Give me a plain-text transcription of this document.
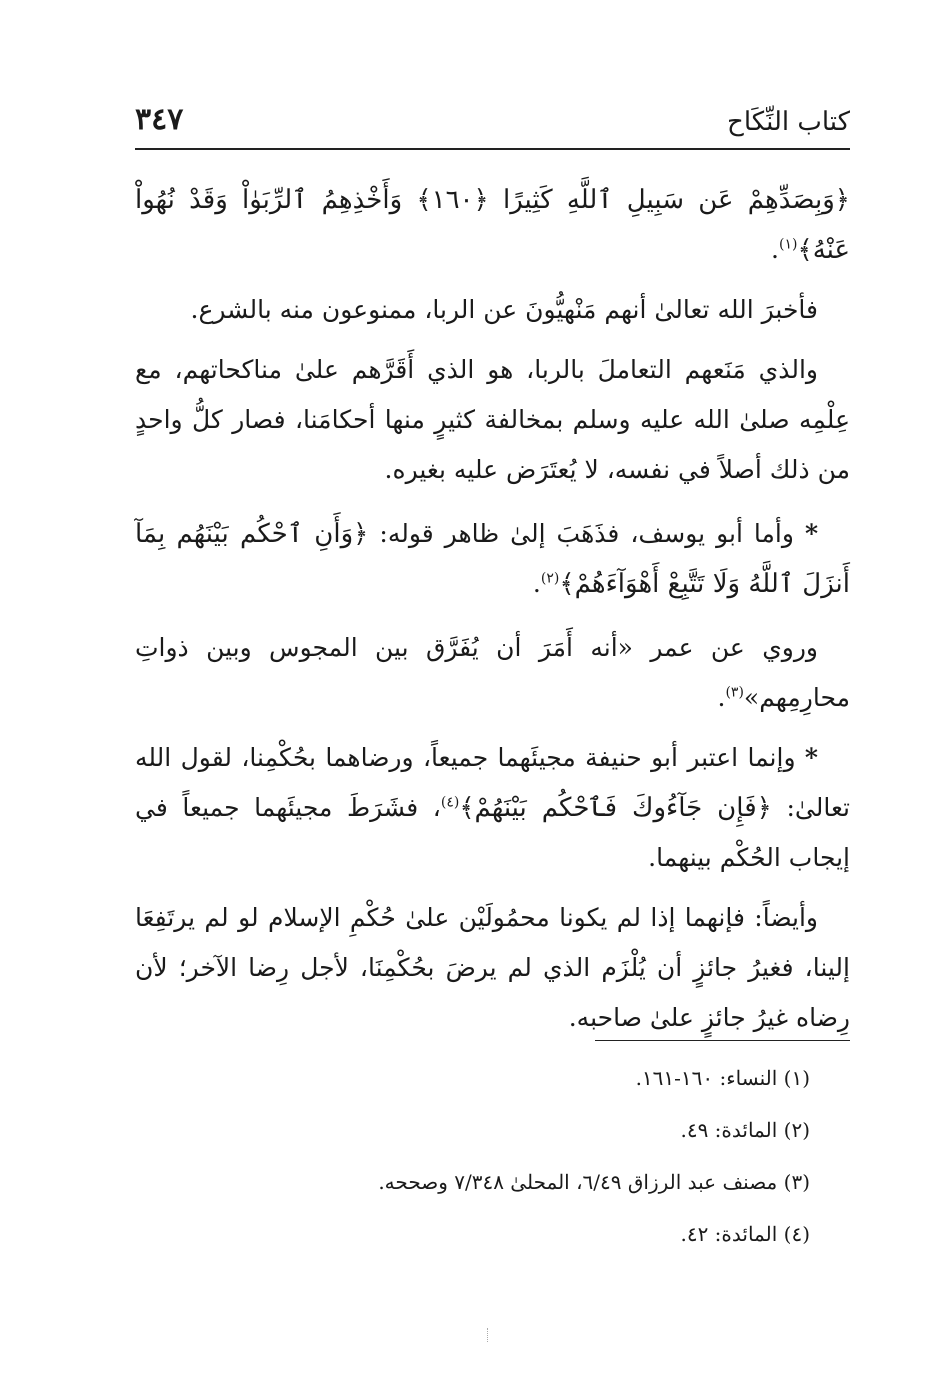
كتاب النِّكَاح
٣٤٧

﴿وَبِصَدِّهِمْ عَن سَبِيلِ ٱللَّهِ كَثِيرًا ﴿١٦٠﴾ وَأَخْذِهِمُ ٱلرِّبَوٰاْ وَقَدْ نُهُواْ عَنْهُ﴾$^{(١)}$.

فأخبرَ الله تعالىٰ أنهم مَنْهيُّونَ عن الربا، ممنوعون منه بالشرع.

والذي مَنَعهم التعاملَ بالربا، هو الذي أَقَرَّهم علىٰ مناكحاتهم، مع عِلْمِه صلىٰ الله عليه وسلم بمخالفة كثيرٍ منها أحكامَنا، فصار كلُّ واحدٍ من ذلك أصلاً في نفسه، لا يُعتَرَض عليه بغيره.

* وأما أبو يوسف، فذَهَبَ إلىٰ ظاهر قوله: ﴿وَأَنِ ٱحْكُم بَيْنَهُم بِمَآ أَنزَلَ ٱللَّهُ وَلَا تَتَّبِعْ أَهْوَآءَهُمْ﴾$^{(٢)}$.

وروي عن عمر «أنه أَمَرَ أن يُفَرَّق بين المجوس وبين ذواتِ محارِمِهم»$^{(٣)}$.

* وإنما اعتبر أبو حنيفة مجيئَهما جميعاً، ورضاهما بحُكْمِنا، لقول الله تعالىٰ: ﴿فَإِن جَآءُوكَ فَٱحْكُم بَيْنَهُمْ﴾$^{(٤)}$، فشَرَطَ مجيئَهما جميعاً في إيجاب الحُكْم بينهما.

وأيضاً: فإنهما إذا لم يكونا محمُولَيْن علىٰ حُكْمِ الإسلام لو لم يرتَفِعَا إلينا، فغيرُ جائزٍ أن يُلْزَم الذي لم يرضَ بحُكْمِنَا، لأجل رِضا الآخر؛ لأن رِضاه غيرُ جائزٍ علىٰ صاحبه.

(١) النساء: ١٦٠-١٦١.
(٢) المائدة: ٤٩.
(٣) مصنف عبد الرزاق ٦/٤٩، المحلىٰ ٧/٣٤٨ وصححه.
(٤) المائدة: ٤٢.
